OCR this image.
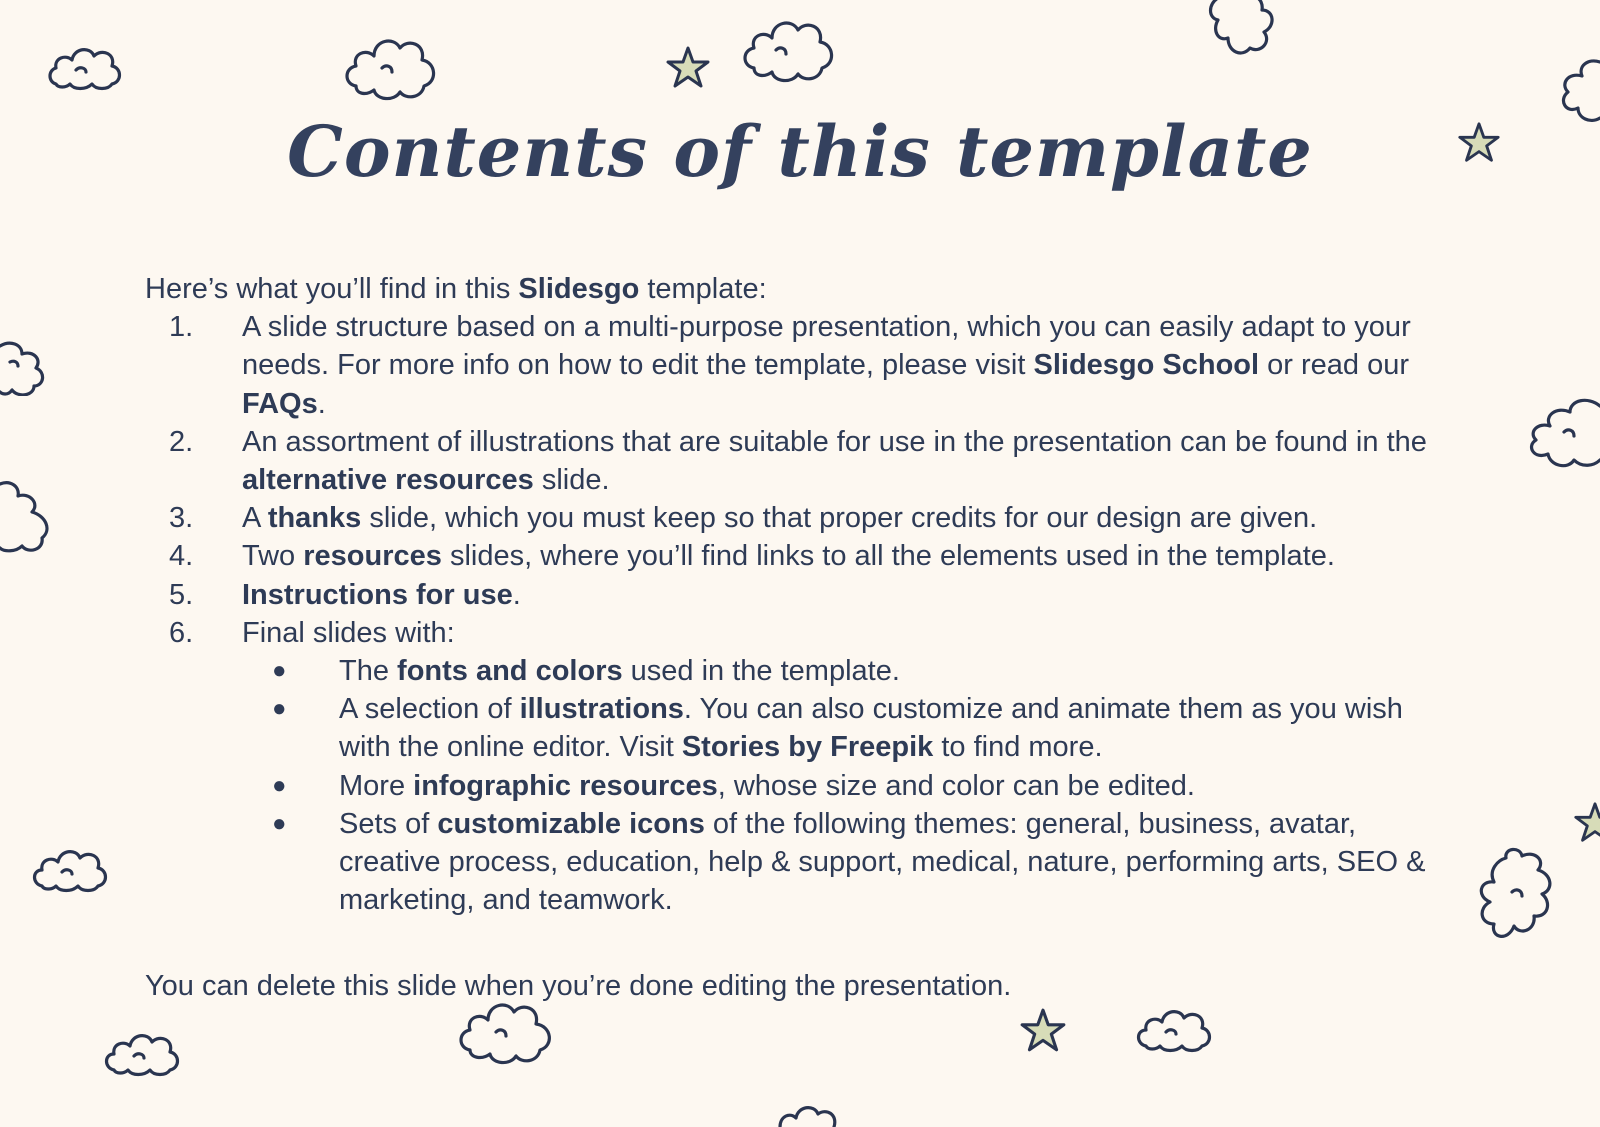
Contents of this template

Here’s what you’ll find in this Slidesgo template:

1. A slide structure based on a multi-purpose presentation, which you can easily adapt to your needs. For more info on how to edit the template, please visit Slidesgo School or read our FAQs.
2. An assortment of illustrations that are suitable for use in the presentation can be found in the alternative resources slide.
3. A thanks slide, which you must keep so that proper credits for our design are given.
4. Two resources slides, where you’ll find links to all the elements used in the template.
5. Instructions for use.
6. Final slides with:
● The fonts and colors used in the template.
● A selection of illustrations. You can also customize and animate them as you wish with the online editor. Visit Stories by Freepik to find more.
● More infographic resources, whose size and color can be edited.
● Sets of customizable icons of the following themes: general, business, avatar, creative process, education, help & support, medical, nature, performing arts, SEO & marketing, and teamwork.

You can delete this slide when you’re done editing the presentation.
